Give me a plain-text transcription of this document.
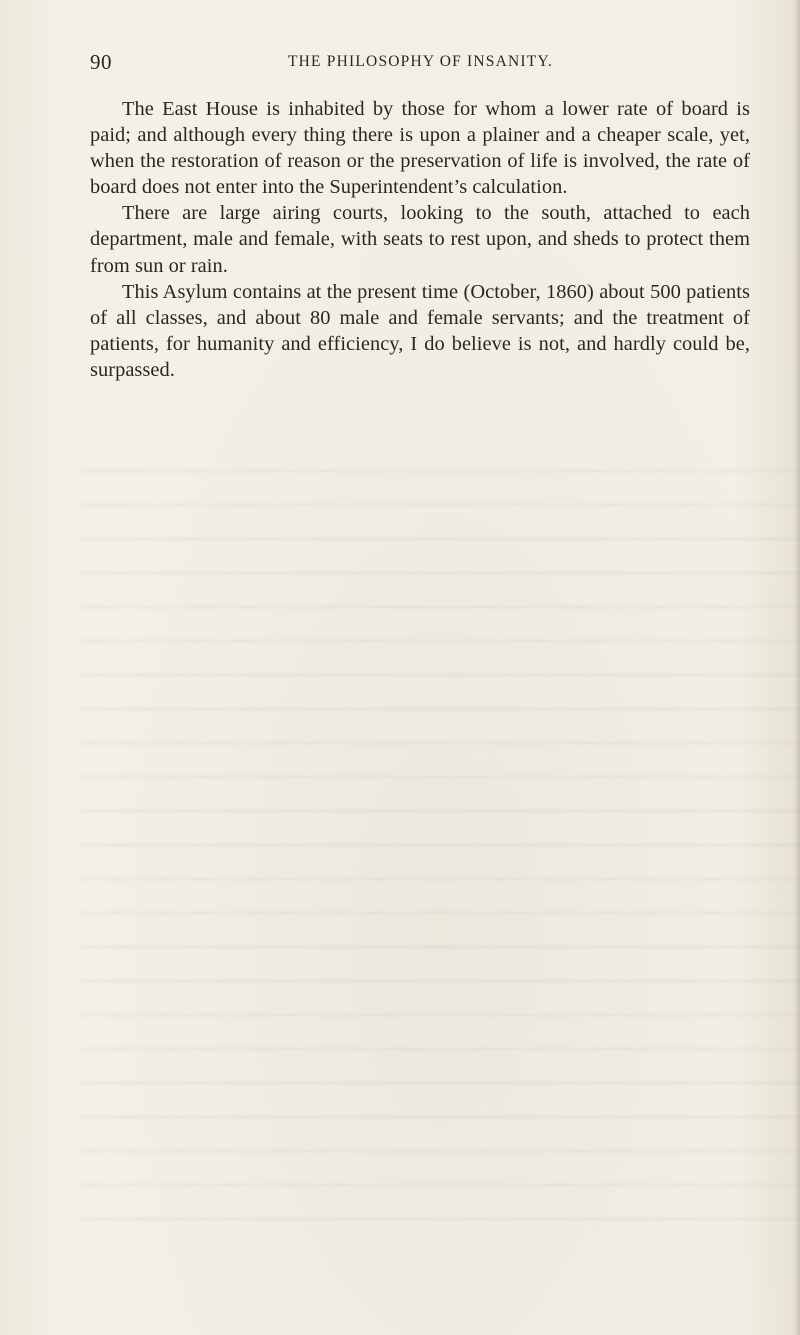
90	THE PHILOSOPHY OF INSANITY.

The East House is inhabited by those for whom a lower rate of board is paid; and although every thing there is upon a plainer and a cheaper scale, yet, when the restoration of reason or the preservation of life is involved, the rate of board does not enter into the Superintendent’s calculation.

There are large airing courts, looking to the south, attached to each department, male and female, with seats to rest upon, and sheds to protect them from sun or rain.

This Asylum contains at the present time (October, 1860) about 500 patients of all classes, and about 80 male and female servants; and the treatment of patients, for humanity and efficiency, I do believe is not, and hardly could be, surpassed.
